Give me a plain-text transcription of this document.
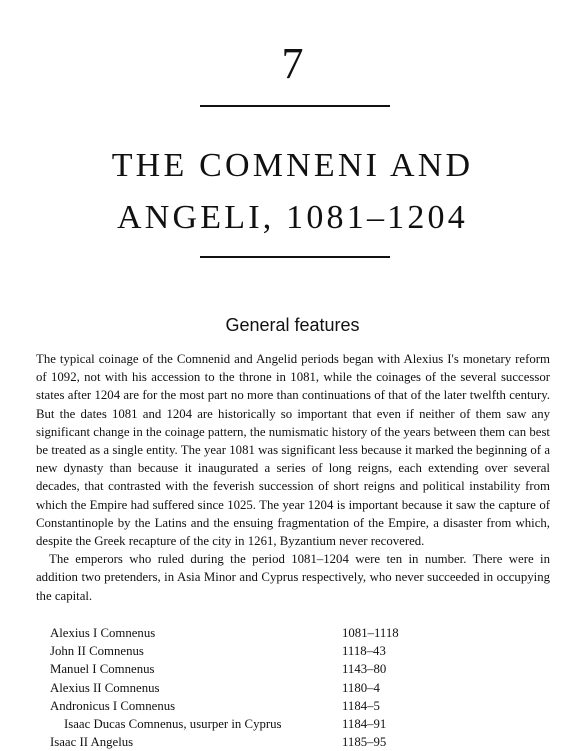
7
THE COMNENI AND
ANGELI, 1081–1204
General features

The typical coinage of the Comnenid and Angelid periods began with Alexius I's monetary reform of 1092, not with his accession to the throne in 1081, while the coinages of the several successor states after 1204 are for the most part no more than continuations of that of the later twelfth century. But the dates 1081 and 1204 are historically so important that even if neither of them saw any significant change in the coinage pattern, the numismatic history of the years between them can best be treated as a single entity. The year 1081 was significant less because it marked the beginning of a new dynasty than because it inaugurated a series of long reigns, each extending over several decades, that contrasted with the feverish succession of short reigns and political instability from which the Empire had suffered since 1025. The year 1204 is important because it saw the capture of Constantinople by the Latins and the ensuing fragmentation of the Empire, a disaster from which, despite the Greek recapture of the city in 1261, Byzantium never recovered.

The emperors who ruled during the period 1081–1204 were ten in number. There were in addition two pretenders, in Asia Minor and Cyprus respectively, who never succeeded in occupying the capital.

Alexius I Comnenus	1081–1118
John II Comnenus	1118–43
Manuel I Comnenus	1143–80
Alexius II Comnenus	1180–4
Andronicus I Comnenus	1184–5
Isaac Ducas Comnenus, usurper in Cyprus	1184–91
Isaac II Angelus	1185–95
